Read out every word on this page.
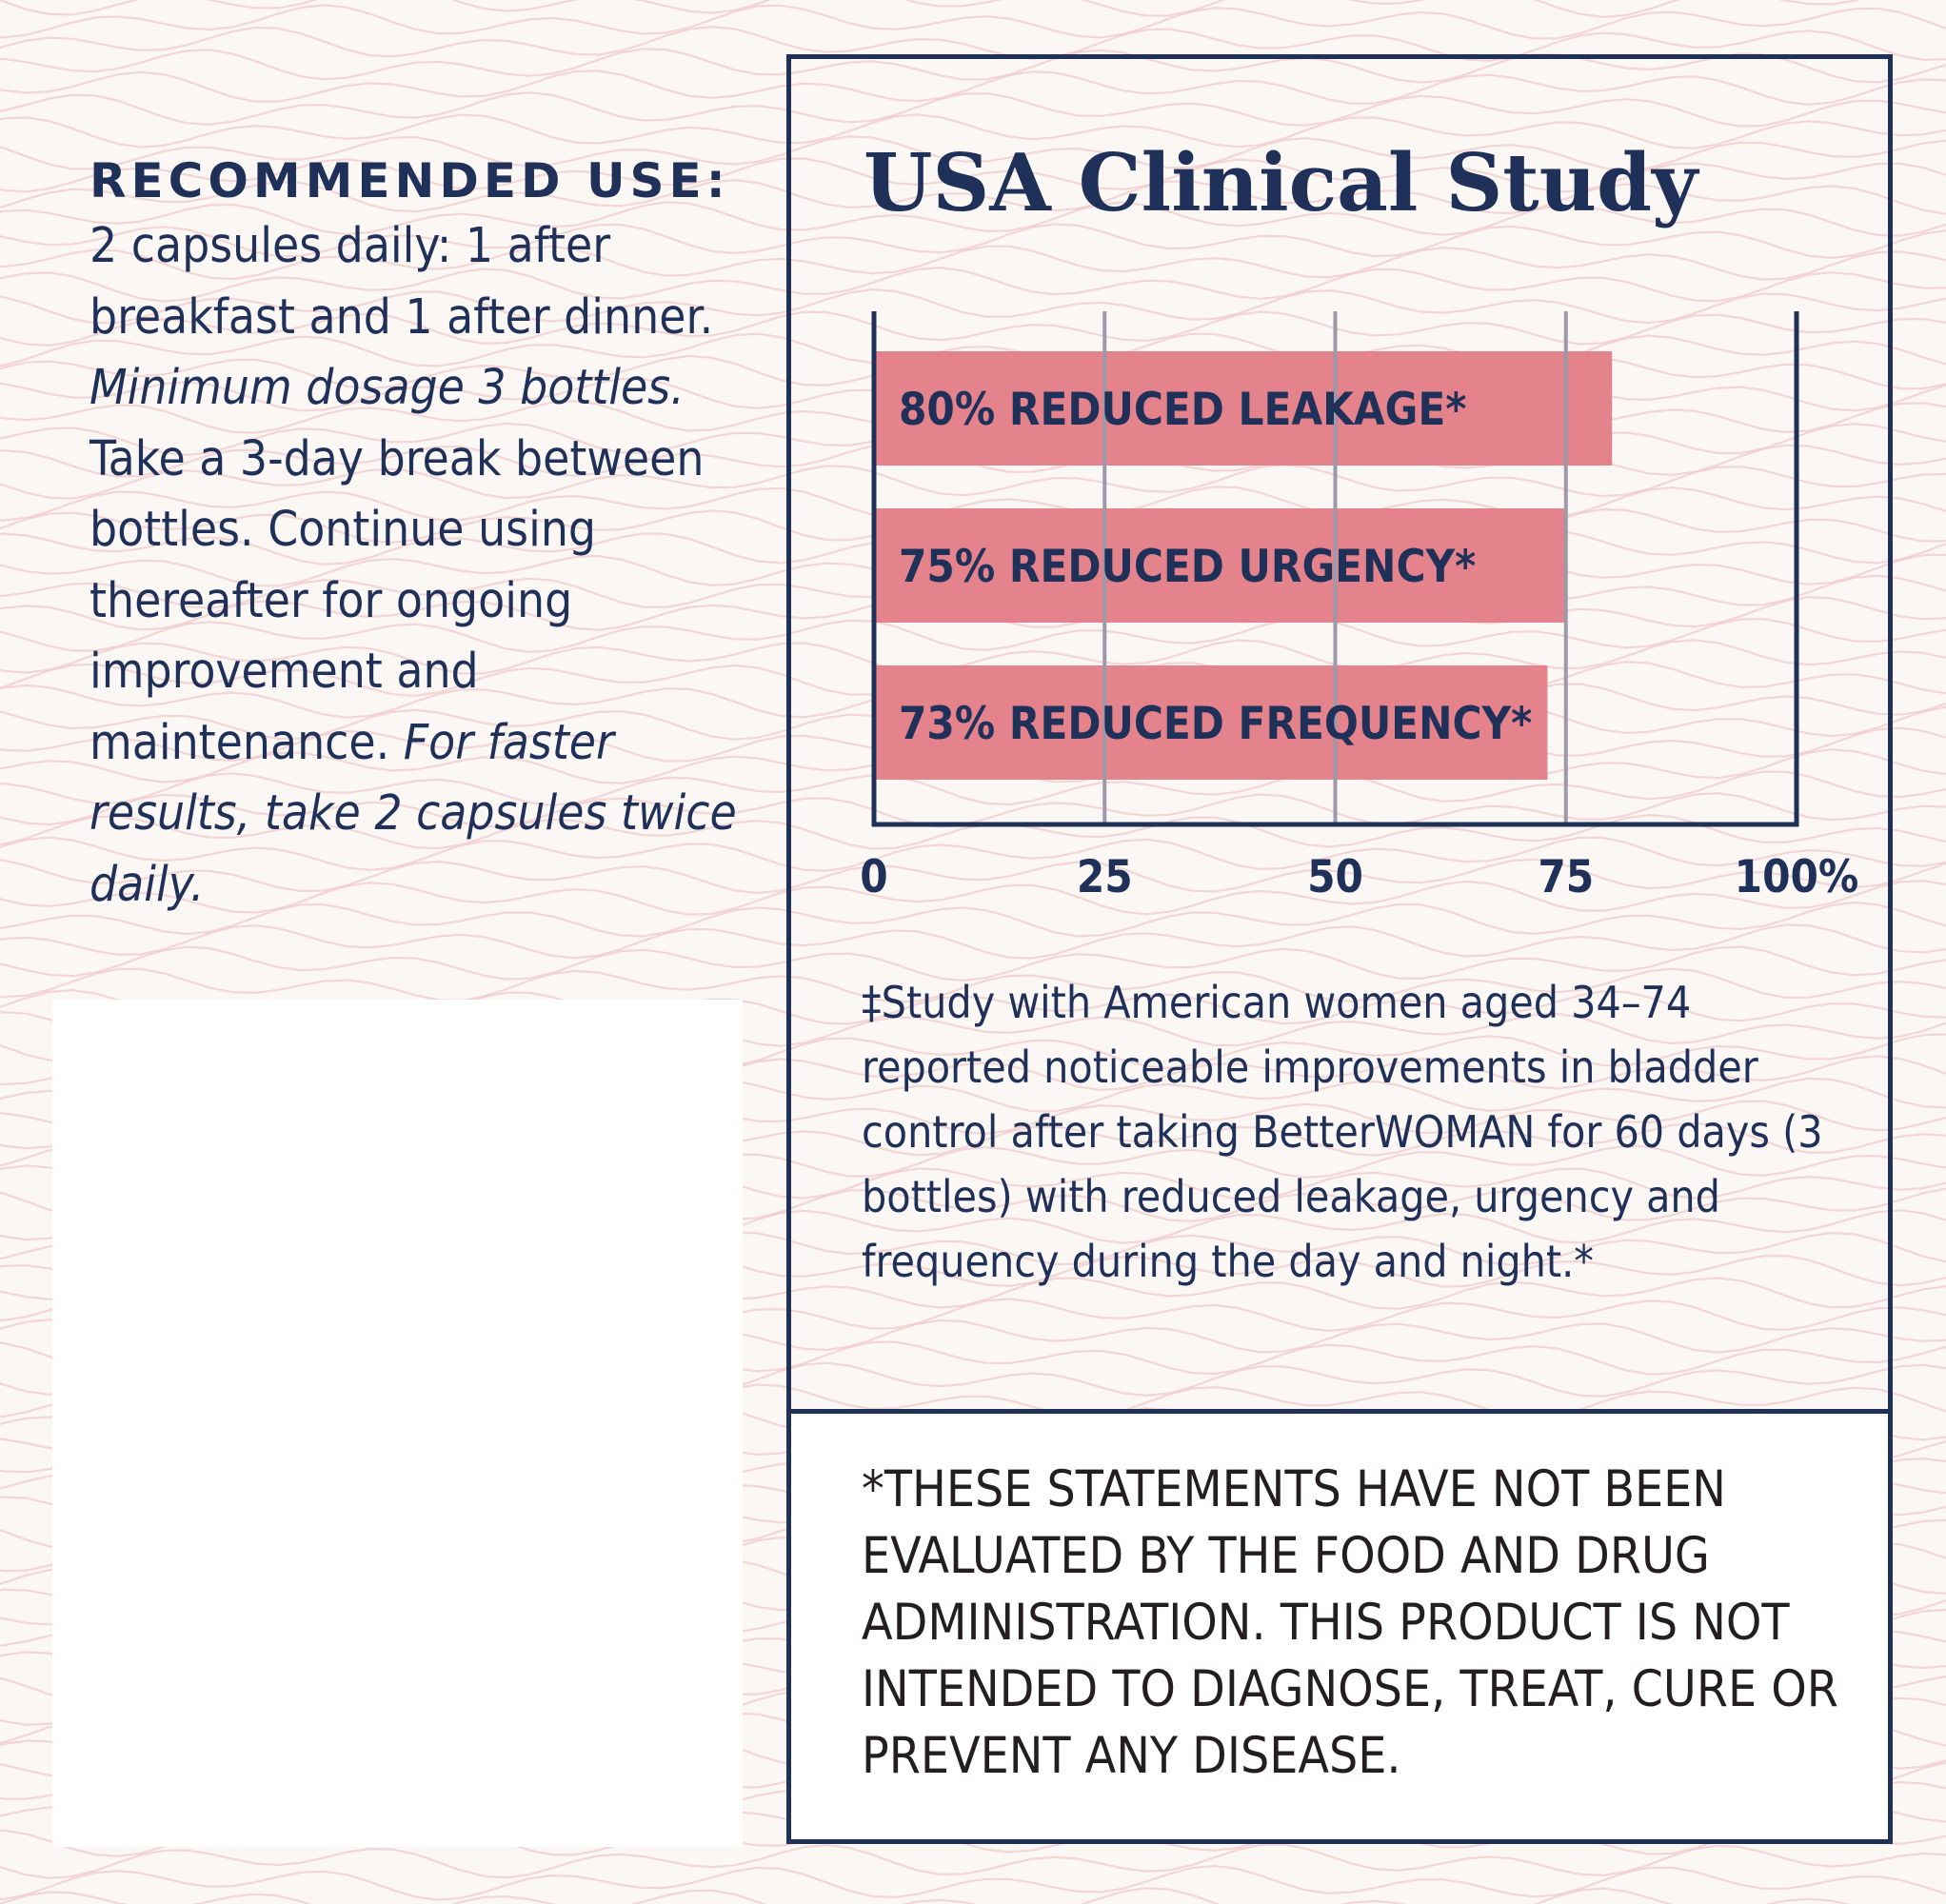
RECOMMENDED USE:

2 capsules daily: 1 after breakfast and 1 after dinner. Minimum dosage 3 bottles. Take a 3-day break between bottles. Continue using thereafter for ongoing improvement and maintenance. For faster results, take 2 capsules twice daily.

USA Clinical Study

80% REDUCED LEAKAGE*
75% REDUCED URGENCY*
73% REDUCED FREQUENCY*
0	25	50	75	100%

‡Study with American women aged 34–74 reported noticeable improvements in bladder control after taking BetterWOMAN for 60 days (3 bottles) with reduced leakage, urgency and frequency during the day and night.*

*THESE STATEMENTS HAVE NOT BEEN EVALUATED BY THE FOOD AND DRUG ADMINISTRATION. THIS PRODUCT IS NOT INTENDED TO DIAGNOSE, TREAT, CURE OR PREVENT ANY DISEASE.
